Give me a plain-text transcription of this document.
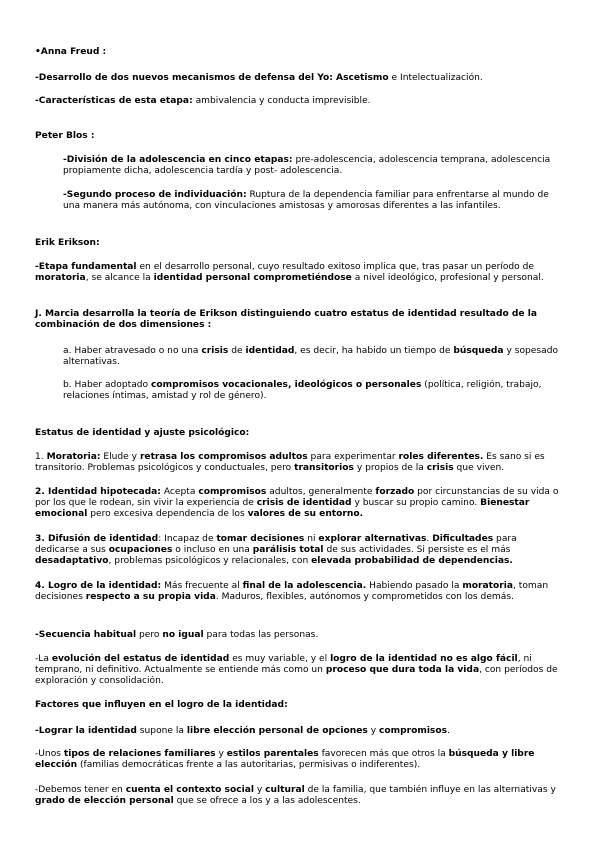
•Anna Freud :

-Desarrollo de dos nuevos mecanismos de defensa del Yo: Ascetismo e Intelectualización.

-Características de esta etapa: ambivalencia y conducta imprevisible.

Peter Blos :

-División de la adolescencia en cinco etapas: pre-adolescencia, adolescencia temprana, adolescencia propiamente dicha, adolescencia tardía y post- adolescencia.

-Segundo proceso de individuación: Ruptura de la dependencia familiar para enfrentarse al mundo de una manera más autónoma, con vinculaciones amistosas y amorosas diferentes a las infantiles.

Erik Erikson:

-Etapa fundamental en el desarrollo personal, cuyo resultado exitoso implica que, tras pasar un período de moratoria, se alcance la identidad personal comprometiéndose a nivel ideológico, profesional y personal.

J. Marcia desarrolla la teoría de Erikson distinguiendo cuatro estatus de identidad resultado de la combinación de dos dimensiones :

a. Haber atravesado o no una crisis de identidad, es decir, ha habido un tiempo de búsqueda y sopesado alternativas.

b. Haber adoptado compromisos vocacionales, ideológicos o personales (política, religión, trabajo, relaciones íntimas, amistad y rol de género).

Estatus de identidad y ajuste psicológico:

1. Moratoria: Elude y retrasa los compromisos adultos para experimentar roles diferentes. Es sano si es transitorio. Problemas psicológicos y conductuales, pero transitorios y propios de la crisis que viven.

2. Identidad hipotecada: Acepta compromisos adultos, generalmente forzado por circunstancias de su vida o por los que le rodean, sin vivir la experiencia de crisis de identidad y buscar su propio camino. Bienestar emocional pero excesiva dependencia de los valores de su entorno.

3. Difusión de identidad: Incapaz de tomar decisiones ni explorar alternativas. Dificultades para dedicarse a sus ocupaciones o incluso en una parálisis total de sus actividades. Si persiste es el más desadaptativo, problemas psicológicos y relacionales, con elevada probabilidad de dependencias.

4. Logro de la identidad: Más frecuente al final de la adolescencia. Habiendo pasado la moratoria, toman decisiones respecto a su propia vida. Maduros, flexibles, autónomos y comprometidos con los demás.

-Secuencia habitual pero no igual para todas las personas.

-La evolución del estatus de identidad es muy variable, y el logro de la identidad no es algo fácil, ni temprano, ni definitivo. Actualmente se entiende más como un proceso que dura toda la vida, con períodos de exploración y consolidación.

Factores que influyen en el logro de la identidad:

-Lograr la identidad supone la libre elección personal de opciones y compromisos.

-Unos tipos de relaciones familiares y estilos parentales favorecen más que otros la búsqueda y libre elección (familias democráticas frente a las autoritarias, permisivas o indiferentes).

-Debemos tener en cuenta el contexto social y cultural de la familia, que también influye en las alternativas y grado de elección personal que se ofrece a los y a las adolescentes.
